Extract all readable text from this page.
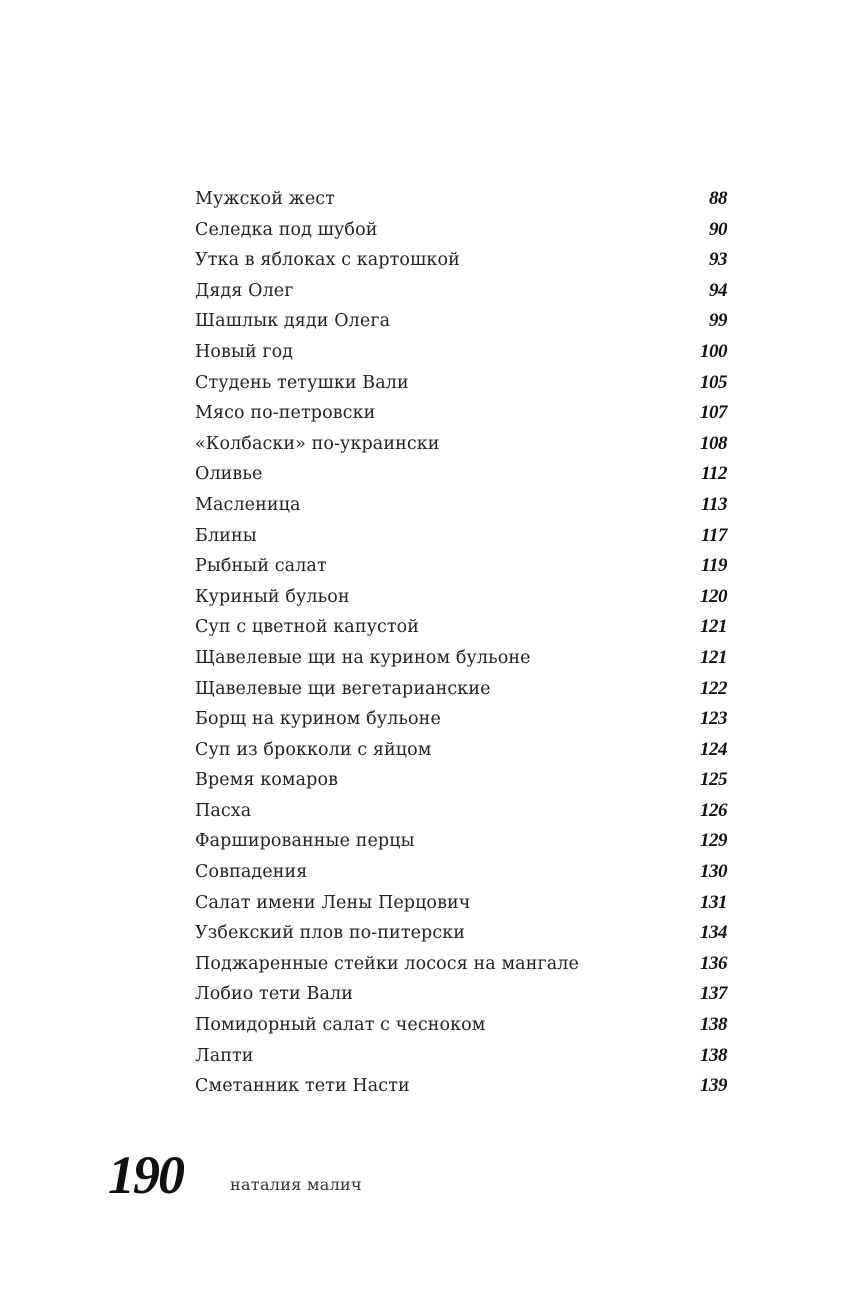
Мужской жест	88
Селедка под шубой	90
Утка в яблоках с картошкой	93
Дядя Олег	94
Шашлык дяди Олега	99
Новый год	100
Студень тетушки Вали	105
Мясо по-петровски	107
«Колбаски» по-украински	108
Оливье	112
Масленица	113
Блины	117
Рыбный салат	119
Куриный бульон	120
Суп с цветной капустой	121
Щавелевые щи на курином бульоне	121
Щавелевые щи вегетарианские	122
Борщ на курином бульоне	123
Суп из брокколи с яйцом	124
Время комаров	125
Пасха	126
Фаршированные перцы	129
Совпадения	130
Салат имени Лены Перцович	131
Узбекский плов по-питерски	134
Поджаренные стейки лосося на мангале	136
Лобио тети Вали	137
Помидорный салат с чесноком	138
Лапти	138
Сметанник тети Насти	139
190	наталия малич
